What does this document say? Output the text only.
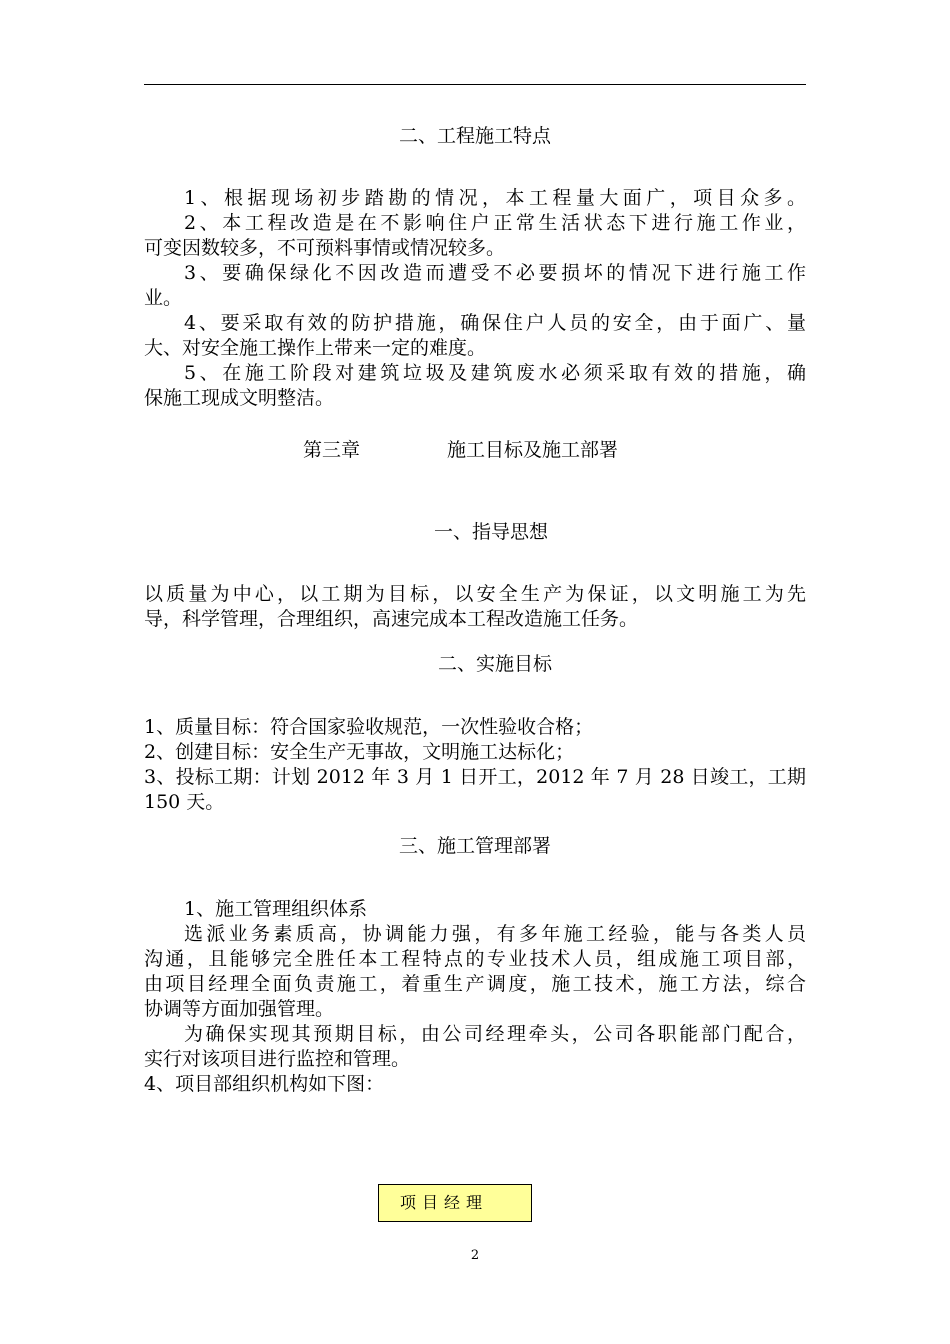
二、工程施工特点
1、根据现场初步踏勘的情况，本工程量大面广，项目众多。
2、本工程改造是在不影响住户正常生活状态下进行施工作业，
可变因数较多，不可预料事情或情况较多。
3、要确保绿化不因改造而遭受不必要损坏的情况下进行施工作
业。
4、要采取有效的防护措施，确保住户人员的安全，由于面广、量
大、对安全施工操作上带来一定的难度。
5、在施工阶段对建筑垃圾及建筑废水必须采取有效的措施，确
保施工现成文明整洁。
第三章	施工目标及施工部署
一、指导思想
以质量为中心，以工期为目标，以安全生产为保证，以文明施工为先
导，科学管理，合理组织，高速完成本工程改造施工任务。
二、实施目标
1、质量目标：符合国家验收规范，一次性验收合格；
2、创建目标：安全生产无事故，文明施工达标化；
3、投标工期：计划 2012 年 3 月 1 日开工，2012 年 7 月 28 日竣工，工期
150 天。
三、施工管理部署
1、施工管理组织体系
选派业务素质高，协调能力强，有多年施工经验，能与各类人员
沟通，且能够完全胜任本工程特点的专业技术人员，组成施工项目部，
由项目经理全面负责施工，着重生产调度，施工技术，施工方法，综合
协调等方面加强管理。
为确保实现其预期目标，由公司经理牵头，公司各职能部门配合，
实行对该项目进行监控和管理。
4、项目部组织机构如下图：
项目经理
2
